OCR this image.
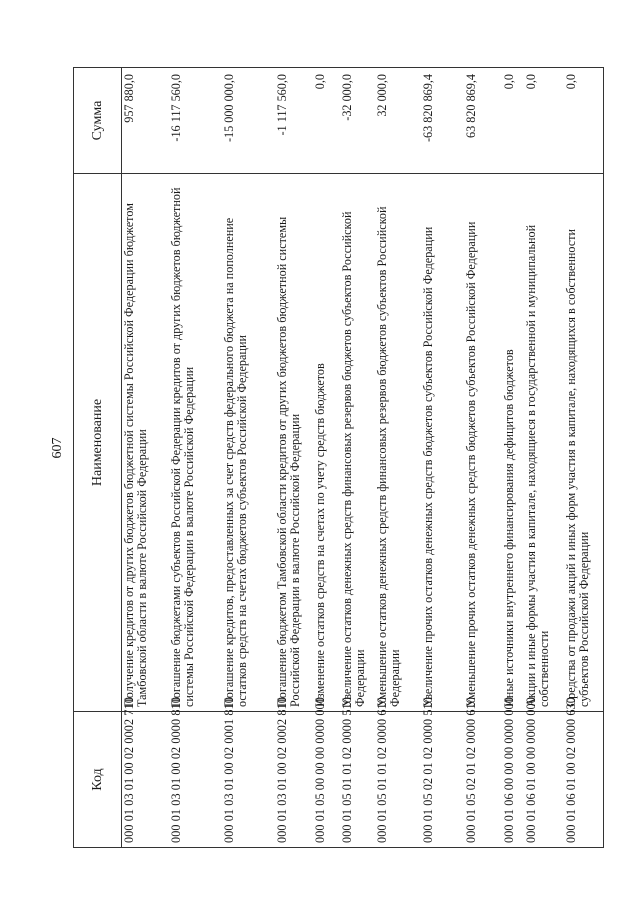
607
Код	Наименование	Сумма
000 01 03 01 00 02 0002 710	Получение кредитов от других бюджетов бюджетной системы Российской Федерации бюджетом Тамбовской области в валюте Российской Федерации	957 880,0
000 01 03 01 00 02 0000 810	Погашение бюджетами субъектов Российской Федерации кредитов от других бюджетов бюджетной системы Российской Федерации в валюте Российской Федерации	-16 117 560,0
000 01 03 01 00 02 0001 810	Погашение кредитов, предоставленных за счет средств федерального бюджета на пополнение остатков средств на счетах бюджетов субъектов Российской Федерации	-15 000 000,0
000 01 03 01 00 02 0002 810	Погашение бюджетом Тамбовской области кредитов от других бюджетов бюджетной системы Российской Федерации в валюте Российской Федерации	-1 117 560,0
000 01 05 00 00 00 0000 000	Изменение остатков средств на счетах по учету средств бюджетов	0,0
000 01 05 01 01 02 0000 510	Увеличение остатков денежных средств финансовых резервов бюджетов субъектов Российской Федерации	-32 000,0
000 01 05 01 01 02 0000 610	Уменьшение остатков денежных средств финансовых резервов бюджетов субъектов Российской Федерации	32 000,0
000 01 05 02 01 02 0000 510	Увеличение прочих остатков денежных средств бюджетов субъектов Российской Федерации	-63 820 869,4
000 01 05 02 01 02 0000 610	Уменьшение прочих остатков денежных средств бюджетов субъектов Российской Федерации	63 820 869,4
000 01 06 00 00 00 0000 000	Иные источники внутреннего финансирования дефицитов бюджетов	0,0
000 01 06 01 00 00 0000 000	Акции и иные формы участия в капитале, находящиеся в государственной и муниципальной собственности	0,0
000 01 06 01 00 02 0000 630	Средства от продажи акций и иных форм участия в капитале, находящихся в собственности субъектов Российской Федерации	0,0
